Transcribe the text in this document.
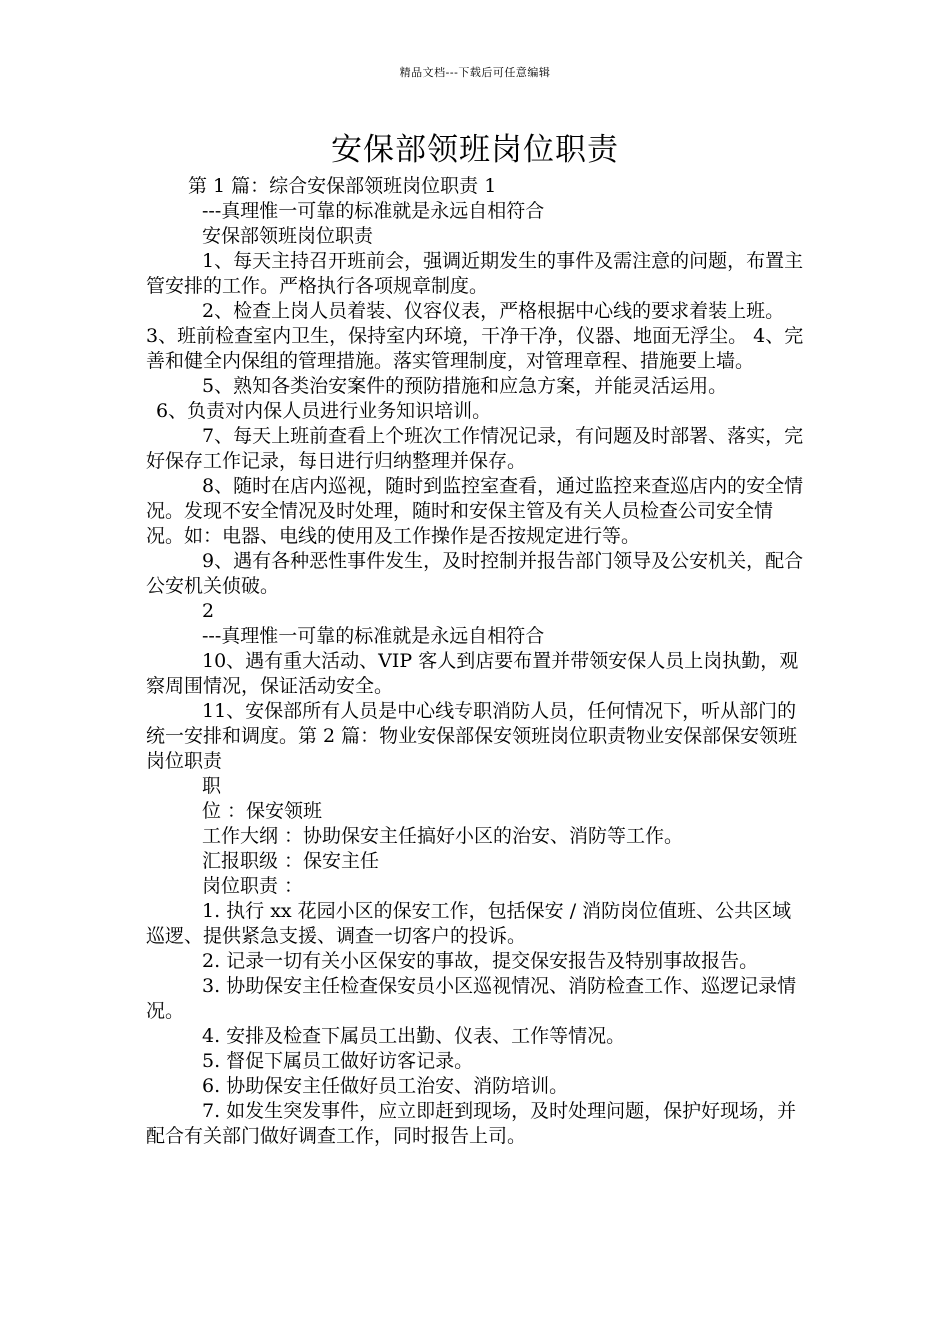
精品文档---下载后可任意编辑
安保部领班岗位职责

第 1 篇：综合安保部领班岗位职责 1

---真理惟一可靠的标准就是永远自相符合

安保部领班岗位职责

1、每天主持召开班前会，强调近期发生的事件及需注意的问题，布置主管安排的工作。严格执行各项规章制度。

2、检查上岗人员着装、仪容仪表，严格根据中心线的要求着装上班。 3、班前检查室内卫生，保持室内环境，干净干净，仪器、地面无浮尘。 4、完善和健全内保组的管理措施。落实管理制度，对管理章程、措施要上墙。

5、熟知各类治安案件的预防措施和应急方案，并能灵活运用。

6、负责对内保人员进行业务知识培训。

7、每天上班前查看上个班次工作情况记录，有问题及时部署、落实，完好保存工作记录，每日进行归纳整理并保存。

8、随时在店内巡视，随时到监控室查看，通过监控来查巡店内的安全情况。发现不安全情况及时处理，随时和安保主管及有关人员检查公司安全情况。如：电器、电线的使用及工作操作是否按规定进行等。

9、遇有各种恶性事件发生，及时控制并报告部门领导及公安机关，配合公安机关侦破。

2

---真理惟一可靠的标准就是永远自相符合

10、遇有重大活动、VIP 客人到店要布置并带领安保人员上岗执勤，观察周围情况，保证活动安全。

11、安保部所有人员是中心线专职消防人员，任何情况下，听从部门的统一安排和调度。第 2 篇：物业安保部保安领班岗位职责物业安保部保安领班岗位职责

职

位 ：保安领班

工作大纲 ：协助保安主任搞好小区的治安、消防等工作。

汇报职级 ：保安主任

岗位职责 ：

1. 执行 xx 花园小区的保安工作，包括保安 / 消防岗位值班、公共区域巡逻、提供紧急支援、调查一切客户的投诉。

2. 记录一切有关小区保安的事故，提交保安报告及特别事故报告。

3. 协助保安主任检查保安员小区巡视情况、消防检查工作、巡逻记录情况。

4. 安排及检查下属员工出勤、仪表、工作等情况。

5. 督促下属员工做好访客记录。

6. 协助保安主任做好员工治安、消防培训。

7. 如发生突发事件，应立即赶到现场，及时处理问题，保护好现场，并配合有关部门做好调查工作，同时报告上司。
